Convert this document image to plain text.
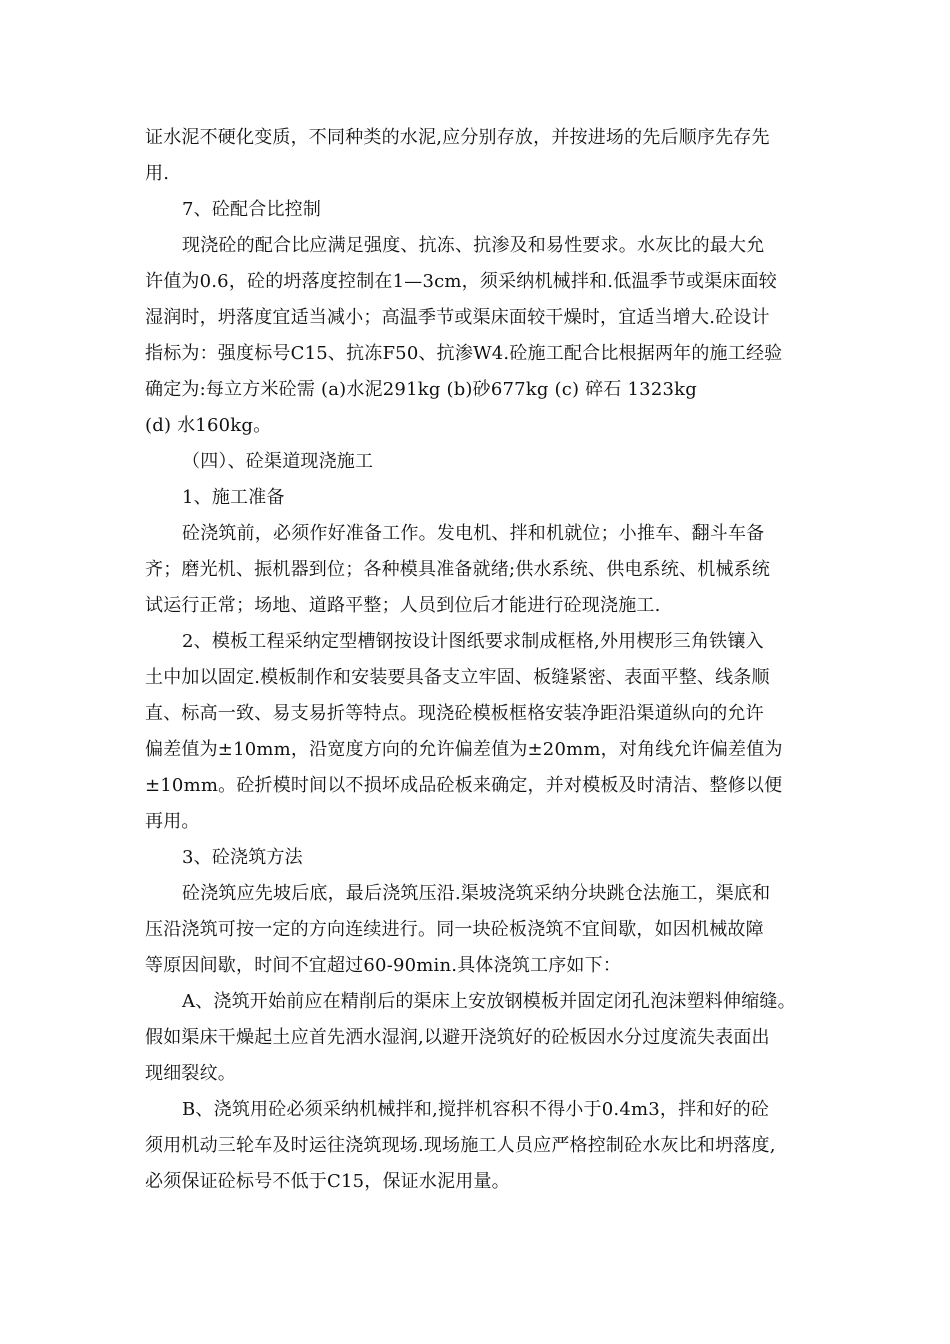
证水泥不硬化变质，不同种类的水泥,应分别存放，并按进场的先后顺序先存先
用.
7、砼配合比控制
现浇砼的配合比应满足强度、抗冻、抗渗及和易性要求。水灰比的最大允
许值为0.6，砼的坍落度控制在1—3cm，须采纳机械拌和.低温季节或渠床面较
湿润时，坍落度宜适当减小；高温季节或渠床面较干燥时，宜适当增大.砼设计
指标为：强度标号C15、抗冻F50、抗渗W4.砼施工配合比根据两年的施工经验
确定为:每立方米砼需 (a)水泥291kg (b)砂677kg (c) 碎石 1323kg
(d) 水160kg。
（四）、砼渠道现浇施工
1、施工准备
砼浇筑前，必须作好准备工作。发电机、拌和机就位；小推车、翻斗车备
齐；磨光机、振机器到位；各种模具准备就绪;供水系统、供电系统、机械系统
试运行正常；场地、道路平整；人员到位后才能进行砼现浇施工.
2、模板工程采纳定型槽钢按设计图纸要求制成框格,外用楔形三角铁镶入
土中加以固定.模板制作和安装要具备支立牢固、板缝紧密、表面平整、线条顺
直、标高一致、易支易折等特点。现浇砼模板框格安装净距沿渠道纵向的允许
偏差值为±10mm，沿宽度方向的允许偏差值为±20mm，对角线允许偏差值为
±10mm。砼折模时间以不损坏成品砼板来确定，并对模板及时清洁、整修以便
再用。
3、砼浇筑方法
砼浇筑应先坡后底，最后浇筑压沿.渠坡浇筑采纳分块跳仓法施工，渠底和
压沿浇筑可按一定的方向连续进行。同一块砼板浇筑不宜间歇，如因机械故障
等原因间歇，时间不宜超过60-90min.具体浇筑工序如下：
A、浇筑开始前应在精削后的渠床上安放钢模板并固定闭孔泡沫塑料伸缩缝。
假如渠床干燥起土应首先洒水湿润,以避开浇筑好的砼板因水分过度流失表面出
现细裂纹。
B、浇筑用砼必须采纳机械拌和,搅拌机容积不得小于0.4m3，拌和好的砼
须用机动三轮车及时运往浇筑现场.现场施工人员应严格控制砼水灰比和坍落度,
必须保证砼标号不低于C15，保证水泥用量。
